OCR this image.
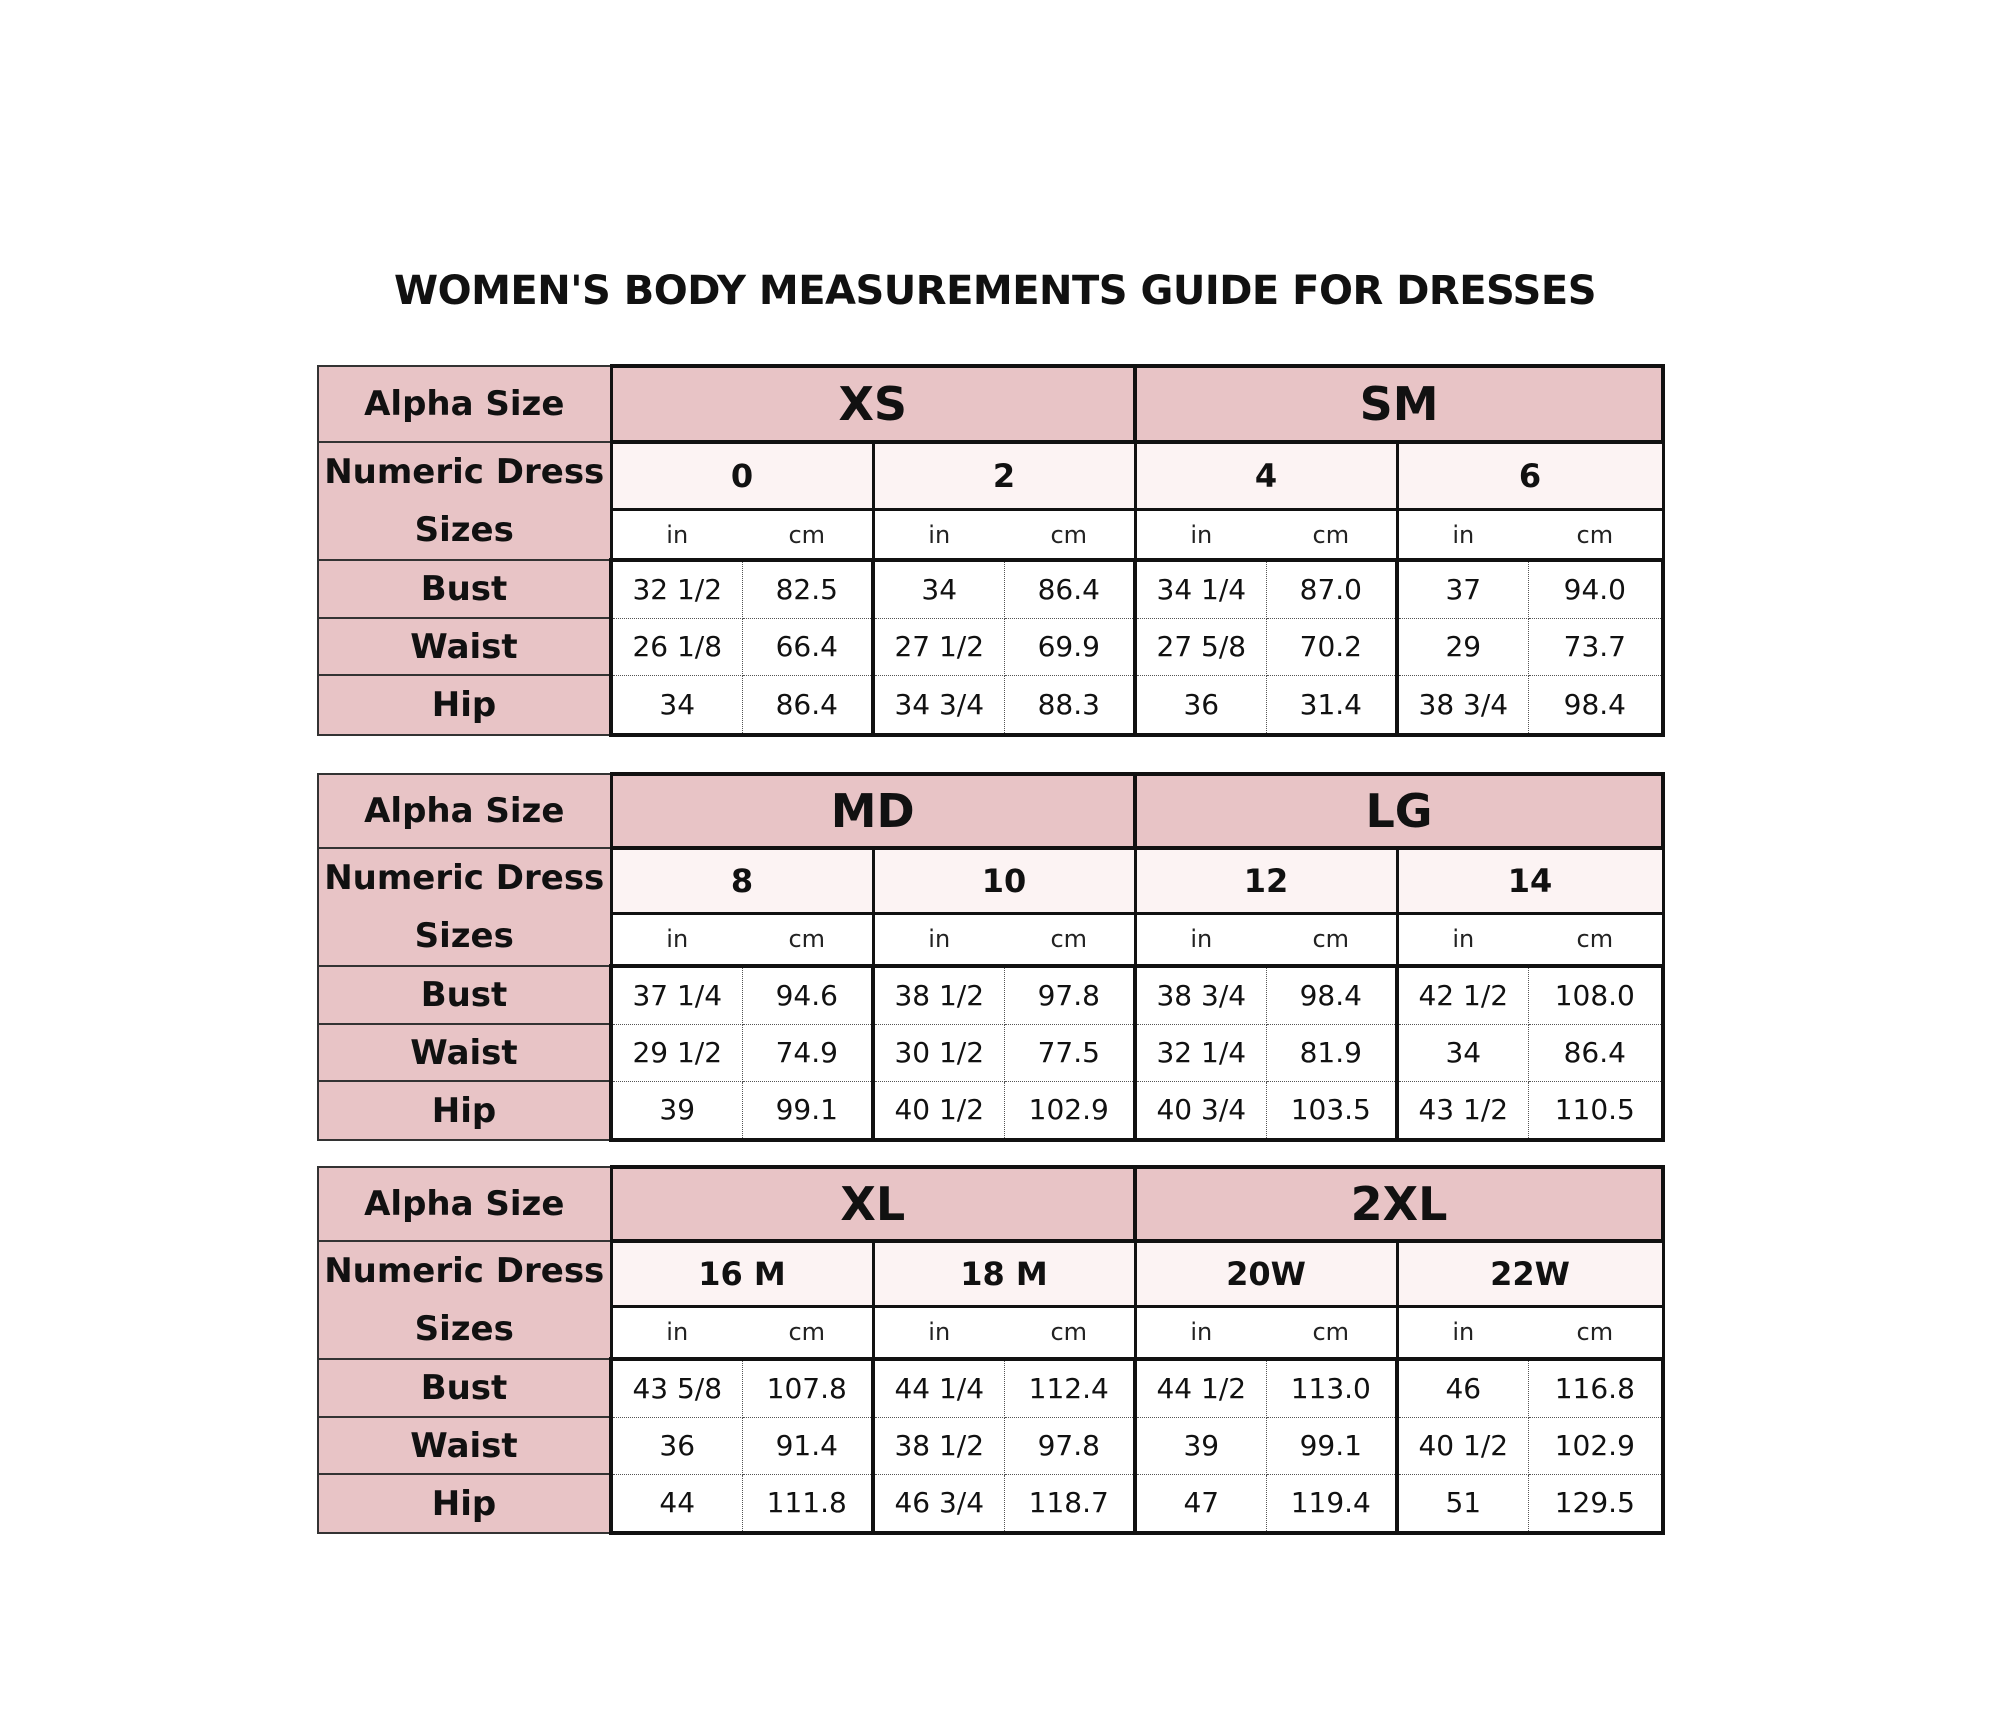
WOMEN'S BODY MEASUREMENTS GUIDE FOR DRESSES
Alpha Size	XS				SM			

Numeric Dress
Sizes	0		2		4		6	
	in	cm	in	cm	in	cm	in	cm
Bust	32 1/2	82.5	34	86.4	34 1/4	87.0	37	94.0
Waist	26 1/8	66.4	27 1/2	69.9	27 5/8	70.2	29	73.7
Hip	34	86.4	34 3/4	88.3	36	31.4	38 3/4	98.4
Alpha Size	MD				LG			

Numeric Dress
Sizes	8		10		12		14	
	in	cm	in	cm	in	cm	in	cm
Bust	37 1/4	94.6	38 1/2	97.8	38 3/4	98.4	42 1/2	108.0
Waist	29 1/2	74.9	30 1/2	77.5	32 1/4	81.9	34	86.4
Hip	39	99.1	40 1/2	102.9	40 3/4	103.5	43 1/2	110.5
Alpha Size	XL				2XL			

Numeric Dress
Sizes	16 M		18 M		20W		22W	
	in	cm	in	cm	in	cm	in	cm
Bust	43 5/8	107.8	44 1/4	112.4	44 1/2	113.0	46	116.8
Waist	36	91.4	38 1/2	97.8	39	99.1	40 1/2	102.9
Hip	44	111.8	46 3/4	118.7	47	119.4	51	129.5
